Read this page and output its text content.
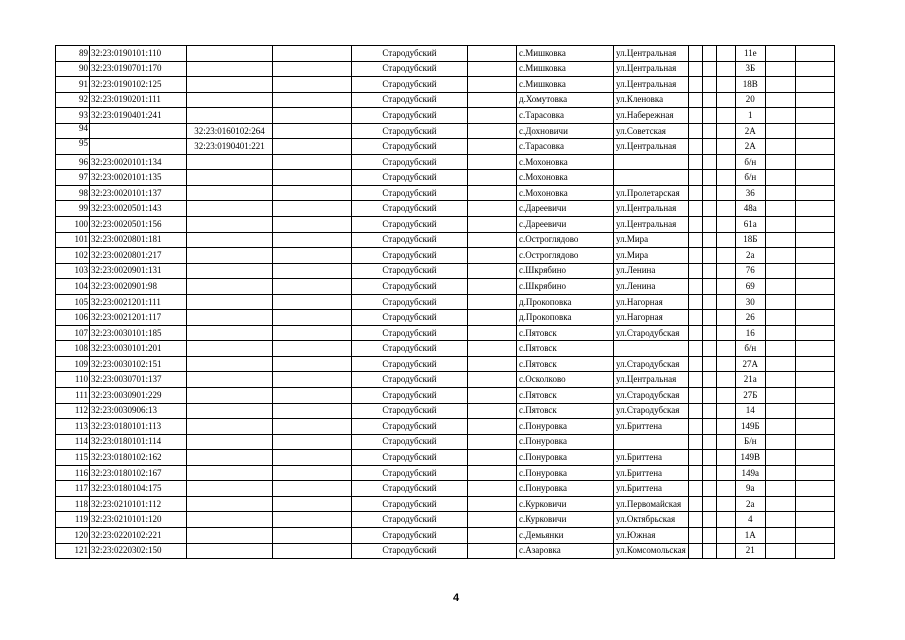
89	32:23:0190101:110			Стародубский		с.Мишковка	ул.Центральная				11е		
90	32:23:0190701:170			Стародубский		с.Мишковка	ул.Центральная				3Б		
91	32:23:0190102:125			Стародубский		с.Мишковка	ул.Центральная				18В		
92	32:23:0190201:111			Стародубский		д.Хомутовка	ул.Кленовка				20		
93	32:23:0190401:241			Стародубский		с.Тарасовка	ул.Набережная				1		
94		32:23:0160102:264		Стародубский		с.Дохновичи	ул.Советская				2А		
95		32:23:0190401:221		Стародубский		с.Тарасовка	ул.Центральная				2А		
96	32:23:0020101:134			Стародубский		с.Мохоновка					б/н		
97	32:23:0020101:135			Стародубский		с.Мохоновка					б/н		
98	32:23:0020101:137			Стародубский		с.Мохоновка	ул.Пролетарская				36		
99	32:23:0020501:143			Стародубский		с.Дареевичи	ул.Центральная				48а		
100	32:23:0020501:156			Стародубский		с.Дареевичи	ул.Центральная				61а		
101	32:23:0020801:181			Стародубский		с.Остроглядово	ул.Мира				18Б		
102	32:23:0020801:217			Стародубский		с.Остроглядово	ул.Мира				2а		
103	32:23:0020901:131			Стародубский		с.Шкрябино	ул.Ленина				76		
104	32:23:0020901:98			Стародубский		с.Шкрябино	ул.Ленина				69		
105	32:23:0021201:111			Стародубский		д.Прокоповка	ул.Нагорная				30		
106	32:23:0021201:117			Стародубский		д.Прокоповка	ул.Нагорная				26		
107	32:23:0030101:185			Стародубский		с.Пятовск	ул.Стародубская				16		
108	32:23:0030101:201			Стародубский		с.Пятовск					б/н		
109	32:23:0030102:151			Стародубский		с.Пятовск	ул.Стародубская				27А		
110	32:23:0030701:137			Стародубский		с.Осколково	ул.Центральная				21а		
111	32:23:0030901:229			Стародубский		с.Пятовск	ул.Стародубская				27Б		
112	32:23:0030906:13			Стародубский		с.Пятовск	ул.Стародубская				14		
113	32:23:0180101:113			Стародубский		с.Понуровка	ул.Бриттена				149Б		
114	32:23:0180101:114			Стародубский		с.Понуровка					Б/н		
115	32:23:0180102:162			Стародубский		с.Понуровка	ул.Бриттена				149В		
116	32:23:0180102:167			Стародубский		с.Понуровка	ул.Бриттена				149а		
117	32:23:0180104:175			Стародубский		с.Понуровка	ул.Бриттена				9а		
118	32:23:0210101:112			Стародубский		с.Курковичи	ул.Первомайская				2а		
119	32:23:0210101:120			Стародубский		с.Курковичи	ул.Октябрьская				4		
120	32:23:0220102:221			Стародубский		с.Демьянки	ул.Южная				1А		
121	32:23:0220302:150			Стародубский		с.Азаровка	ул.Комсомольская				21		
4
